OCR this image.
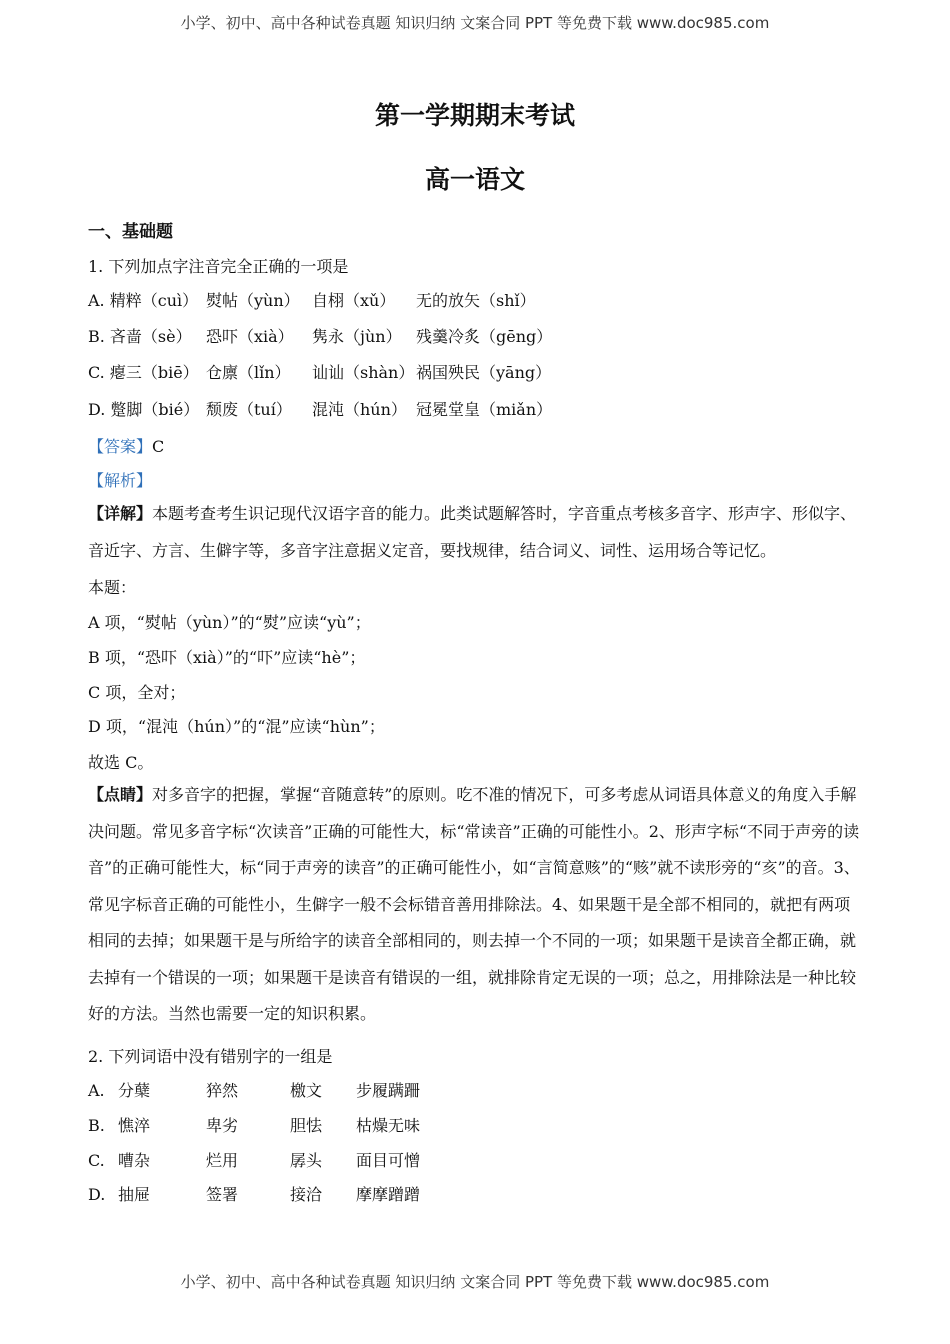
小学、初中、高中各种试卷真题 知识归纳 文案合同 PPT 等免费下载 www.doc985.com
第一学期期末考试
高一语文
一、基础题
1. 下列加点字注音完全正确的一项是
A. 精粹（cuì） 熨帖（yùn） 自栩（xǔ） 无的放矢（shǐ）
B. 吝啬（sè） 恐吓（xià） 隽永（jùn） 残羹冷炙（gēng）
C. 瘪三（biē） 仓廪（lǐn） 讪讪（shàn） 祸国殃民（yāng）
D. 蹩脚（bié） 颓废（tuí） 混沌（hún） 冠冕堂皇（miǎn）
【答案】C
【解析】
【详解】本题考查考生识记现代汉语字音的能力。此类试题解答时，字音重点考核多音字、形声字、形似字、音近字、方言、生僻字等，多音字注意据义定音，要找规律，结合词义、词性、运用场合等记忆。
本题：
A 项，“熨帖（yùn）”的“熨”应读“yù”；
B 项，“恐吓（xià）”的“吓”应读“hè”；
C 项，全对；
D 项，“混沌（hún）”的“混”应读“hùn”；
故选 C。
【点睛】对多音字的把握，掌握“音随意转”的原则。吃不准的情况下，可多考虑从词语具体意义的角度入手解决问题。常见多音字标“次读音”正确的可能性大，标“常读音”正确的可能性小。2、形声字标“不同于声旁的读音”的正确可能性大，标“同于声旁的读音”的正确可能性小，如“言简意赅”的“赅”就不读形旁的“亥”的音。3、常见字标音正确的可能性小，生僻字一般不会标错音善用排除法。4、如果题干是全部不相同的，就把有两项相同的去掉；如果题干是与所给字的读音全部相同的，则去掉一个不同的一项；如果题干是读音全都正确，就去掉有一个错误的一项；如果题干是读音有错误的一组，就排除肯定无误的一项；总之，用排除法是一种比较好的方法。当然也需要一定的知识积累。
2. 下列词语中没有错别字的一组是
A. 分蘖	猝然	檄文 步履蹒跚
B. 憔淬	卑劣	胆怯 枯燥无味
C. 嘈杂	烂用	孱头 面目可憎
D. 抽屉	签署	接洽 摩摩蹭蹭
小学、初中、高中各种试卷真题 知识归纳 文案合同 PPT 等免费下载 www.doc985.com
